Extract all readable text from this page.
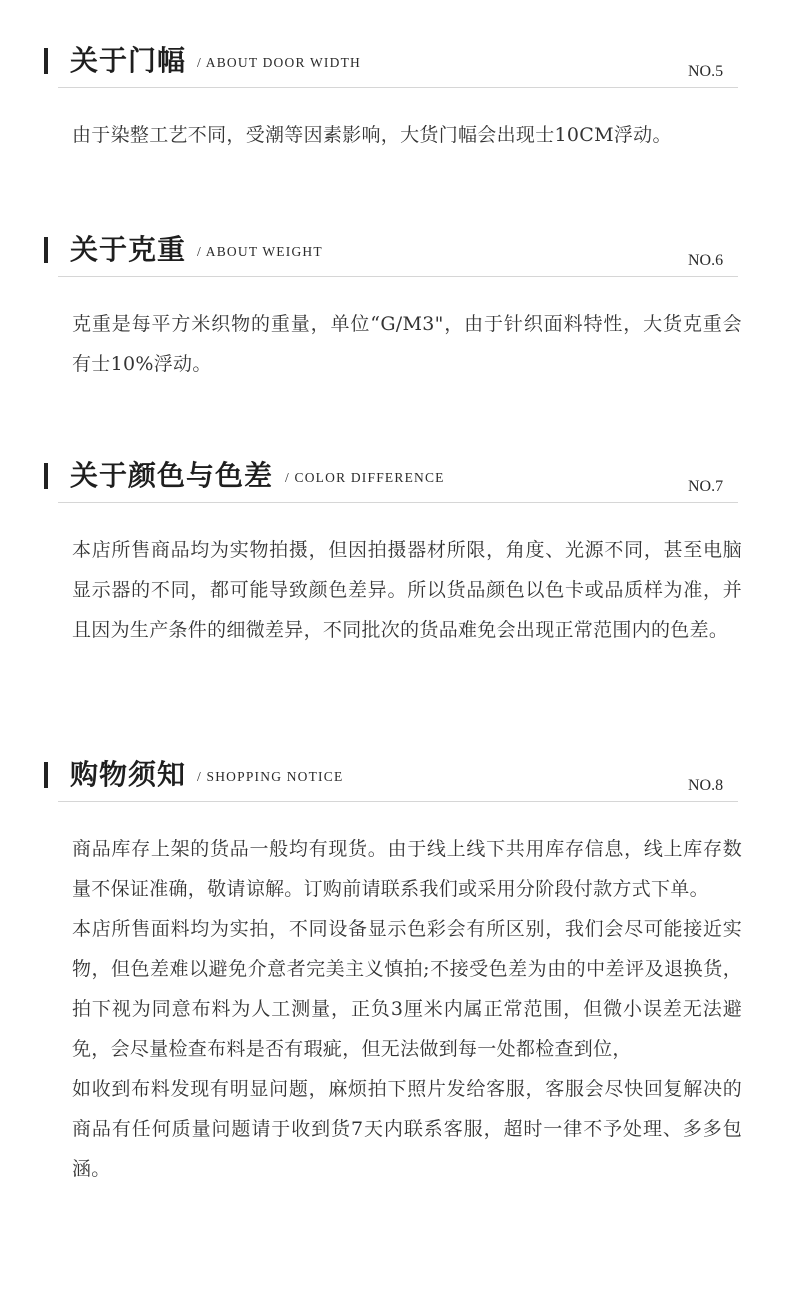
关于门幅 / ABOUT DOOR WIDTH
NO.5

由于染整工艺不同，受潮等因素影响，大货门幅会出现士10CM浮动。

关于克重 / ABOUT WEIGHT
NO.6

克重是每平方米织物的重量，单位“G/M3"，由于针织面料特性，大货克重会有士10%浮动。

关于颜色与色差 / COLOR DIFFERENCE
NO.7

本店所售商品均为实物拍摄，但因拍摄器材所限，角度、光源不同，甚至电脑显示器的不同，都可能导致颜色差异。所以货品颜色以色卡或品质样为准，并且因为生产条件的细微差异，不同批次的货品难免会出现正常范围内的色差。

购物须知 / SHOPPING NOTICE
NO.8

商品库存上架的货品一般均有现货。由于线上线下共用库存信息，线上库存数量不保证准确，敬请谅解。订购前请联系我们或采用分阶段付款方式下单。

本店所售面料均为实拍，不同设备显示色彩会有所区别，我们会尽可能接近实物，但色差难以避免介意者完美主义慎拍;不接受色差为由的中差评及退换货，拍下视为同意布料为人工测量，正负3厘米内属正常范围，但微小误差无法避免，会尽量检查布料是否有瑕疵，但无法做到每一处都检查到位，

如收到布料发现有明显问题，麻烦拍下照片发给客服，客服会尽快回复解决的商品有任何质量问题请于收到货7天内联系客服，超时一律不予处理、多多包涵。
